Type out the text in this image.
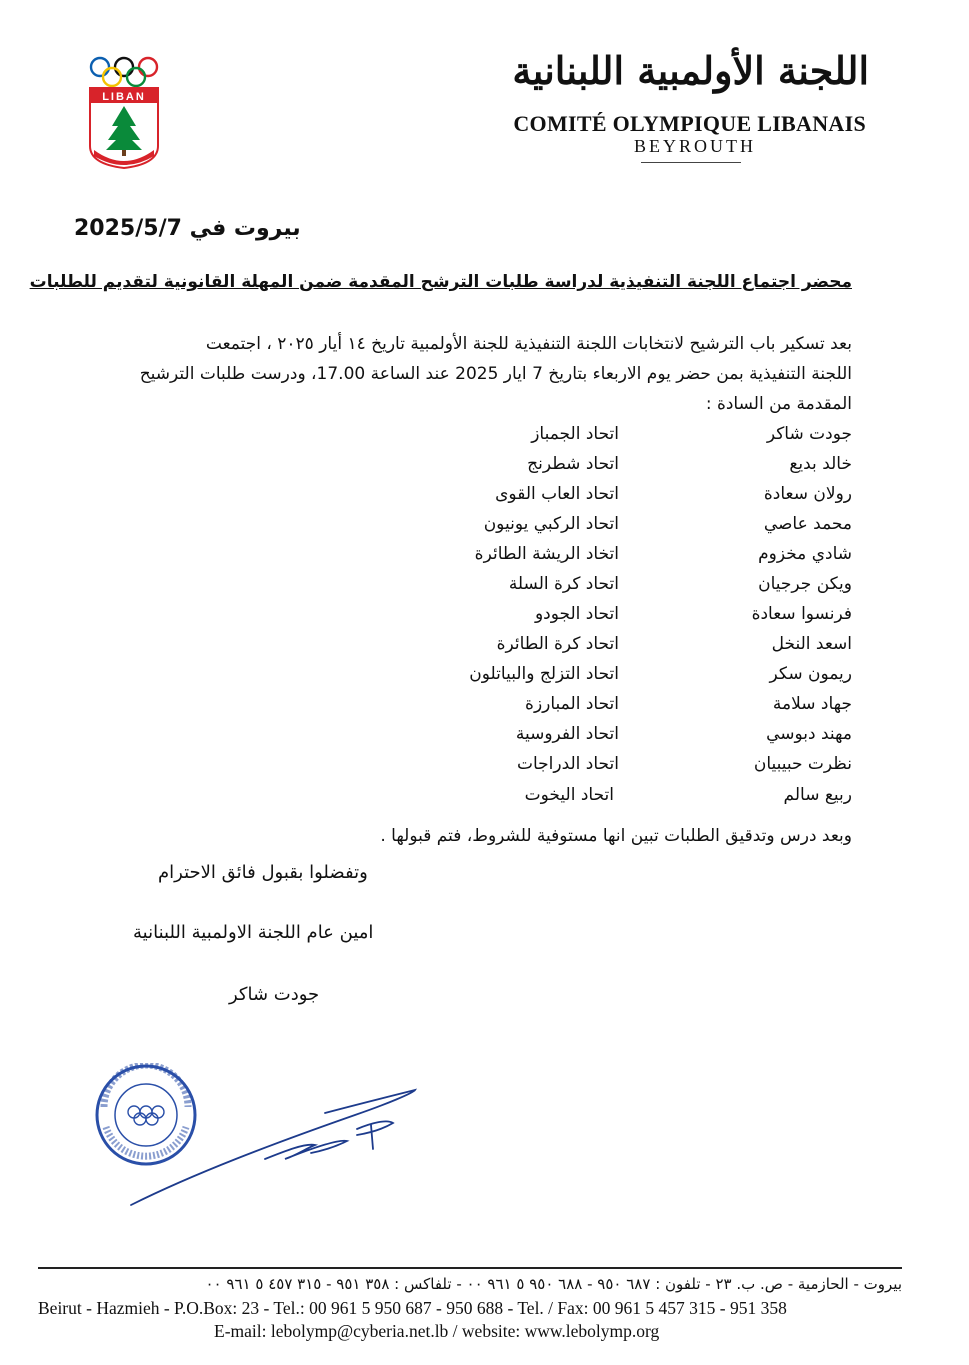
LIBAN
اللجنة الأولمبية اللبنانية
COMITÉ OLYMPIQUE LIBANAIS
BEYROUTH
بيروت في 2025/5/7
محضر اجتماع اللجنة التنفيذية لدراسة طلبات الترشح المقدمة ضمن المهلة القانونية لتقديم للطلبات
بعد تسكير باب الترشيح لانتخابات اللجنة التنفيذية للجنة الأولمبية تاريخ ١٤ أيار ٢٠٢٥ ، اجتمعت
اللجنة التنفيذية بمن حضر يوم الاربعاء بتاريخ 7 ايار 2025 عند الساعة 17.00، ودرست طلبات الترشيح
المقدمة من السادة :
جودت شاكر
اتحاد الجمباز
خالد بديع
اتحاد شطرنج
رولان سعادة
اتحاد العاب القوى
محمد عاصي
اتحاد الركبي يونيون
شادي مخزوم
اتخاد الريشة الطائرة
ويكن جرجيان
اتحاد كرة السلة
فرنسوا سعادة
اتحاد الجودو
اسعد النخل
اتحاد كرة الطائرة
ريمون سكر
اتحاد التزلج والبياتلون
جهاد سلامة
اتحاد المبارزة
مهند دبوسي
اتحاد الفروسية
نظرت حبيبيان
اتحاد الدراجات
ربيع سالم
اتحاد اليخوت
وبعد درس وتدقيق الطلبات تبين انها مستوفية للشروط، فتم قبولها .
وتفضلوا بقبول فائق الاحترام
امين عام اللجنة الاولمبية اللبنانية
جودت شاكر
بيروت - الحازمية - ص. ب. ٢٣ - تلفون : ٦٨٧ ٩٥٠ - ٦٨٨ ٩٥٠ ٥ ٩٦١ ٠٠ - تلفاكس : ٣٥٨ ٩٥١ - ٣١٥ ٤٥٧ ٥ ٩٦١ ٠٠
Beirut - Hazmieh - P.O.Box: 23 - Tel.: 00 961 5 950 687 - 950 688 - Tel. / Fax: 00 961 5 457 315 - 951 358
E-mail: lebolymp@cyberia.net.lb / website: www.lebolymp.org
